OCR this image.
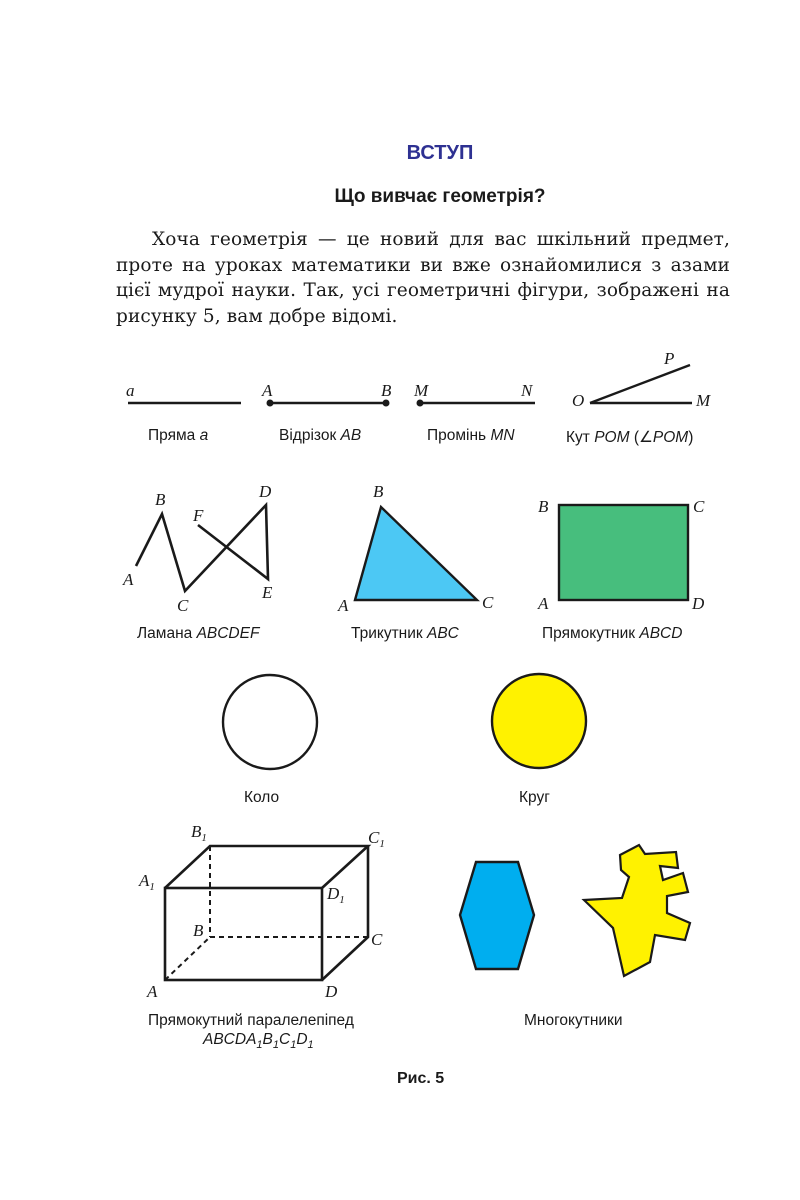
ВСТУП
Що вивчає геометрія?

Хоча геометрія — це новий для вас шкільний предмет, проте на уроках математики ви вже ознайомилися з азами цієї мудрої науки. Так, усі геометричні фігури, зображені на рисунку 5, вам добре відомі.

a
Пряма a
A	B
Відрізок AB
M	N
Промінь MN
O
P
M
Кут POM (∠POM)
A
B
C
D
E
F
Ламана ABCDEF
A
B
C
Трикутник ABC
A
B	C
D
Прямокутник ABCD
Коло	Круг
A
B	C
D
$A_1$
$B_1$	$C_1$
$D_1$
Прямокутний паралелепіпед
$ABCDA_1B_1C_1D_1$
Многокутники
Рис. 5
